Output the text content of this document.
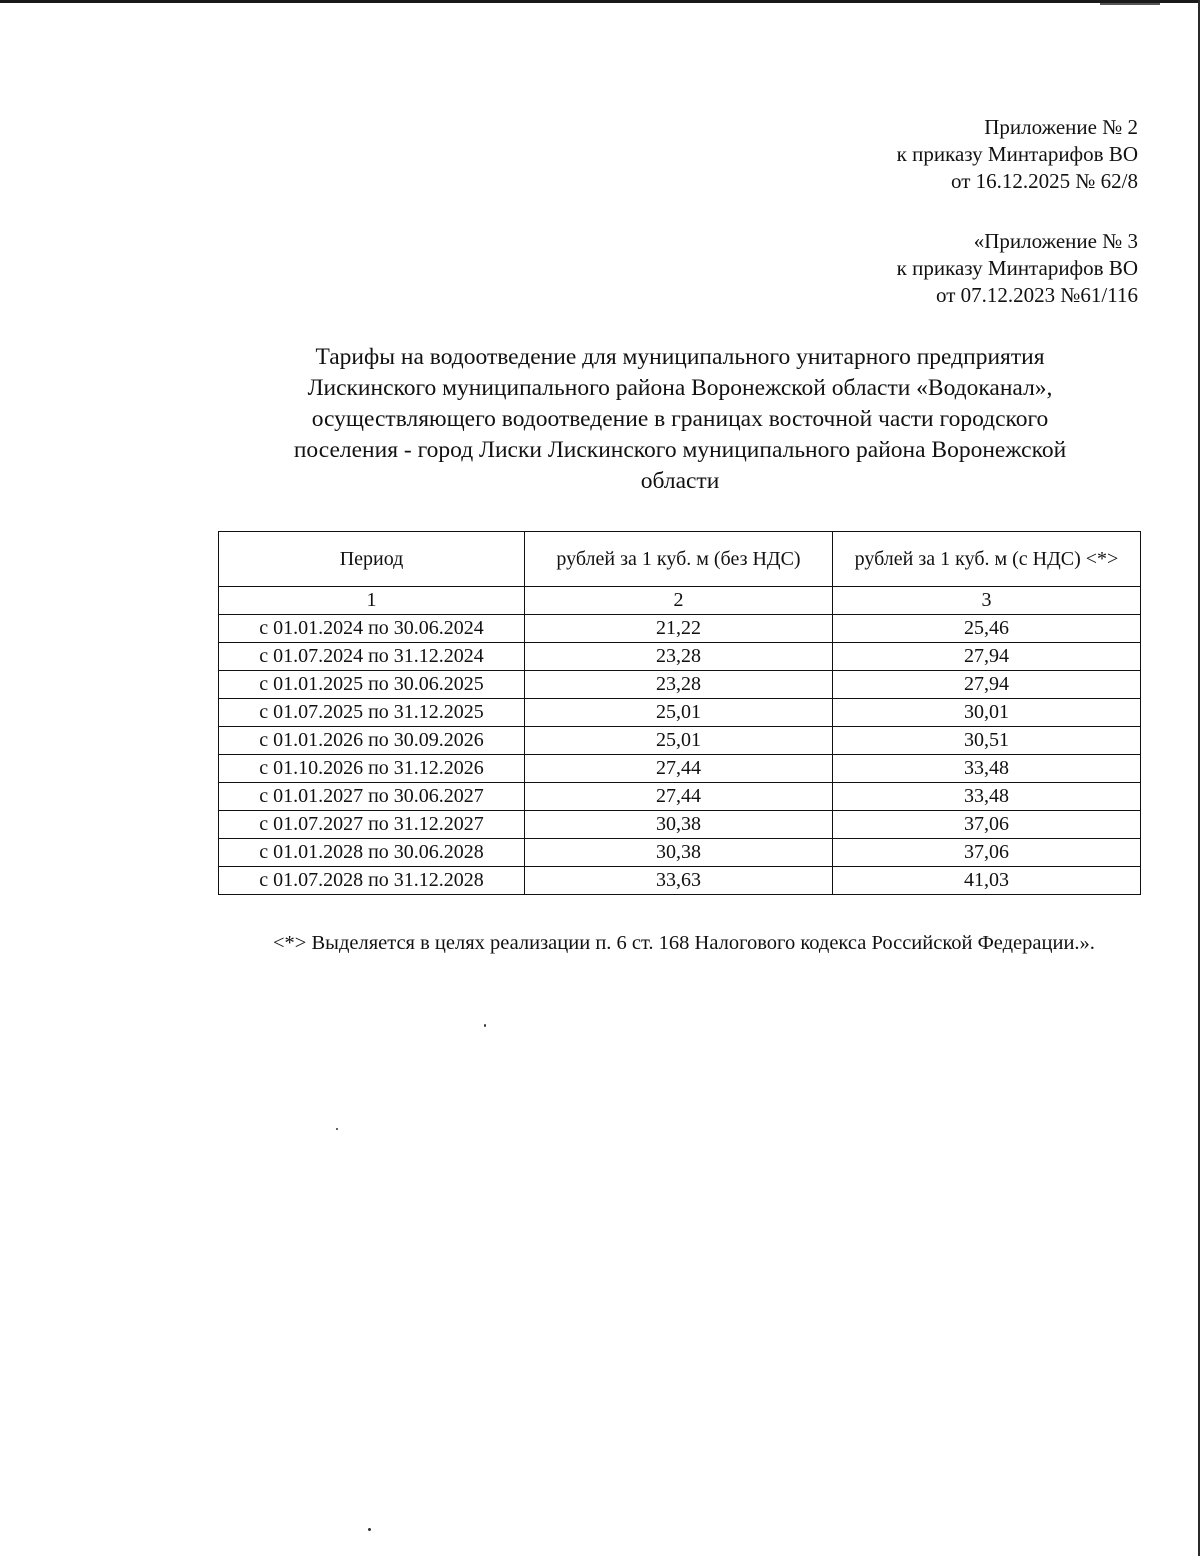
Приложение № 2
к приказу Минтарифов ВО
от 16.12.2025 № 62/8
«Приложение № 3
к приказу Минтарифов ВО
от 07.12.2023 №61/116
Тарифы на водоотведение для муниципального унитарного предприятия
Лискинского муниципального района Воронежской области «Водоканал»,
осуществляющего водоотведение в границах восточной части городского
поселения - город Лиски Лискинского муниципального района Воронежской
области
Период	рублей за 1 куб. м (без НДС)	рублей за 1 куб. м (с НДС) <*>
1	2	3
с 01.01.2024 по 30.06.2024	21,22	25,46
с 01.07.2024 по 31.12.2024	23,28	27,94
с 01.01.2025 по 30.06.2025	23,28	27,94
с 01.07.2025 по 31.12.2025	25,01	30,01
с 01.01.2026 по 30.09.2026	25,01	30,51
с 01.10.2026 по 31.12.2026	27,44	33,48
с 01.01.2027 по 30.06.2027	27,44	33,48
с 01.07.2027 по 31.12.2027	30,38	37,06
с 01.01.2028 по 30.06.2028	30,38	37,06
с 01.07.2028 по 31.12.2028	33,63	41,03
<*> Выделяется в целях реализации п. 6 ст. 168 Налогового кодекса Российской Федерации.».
